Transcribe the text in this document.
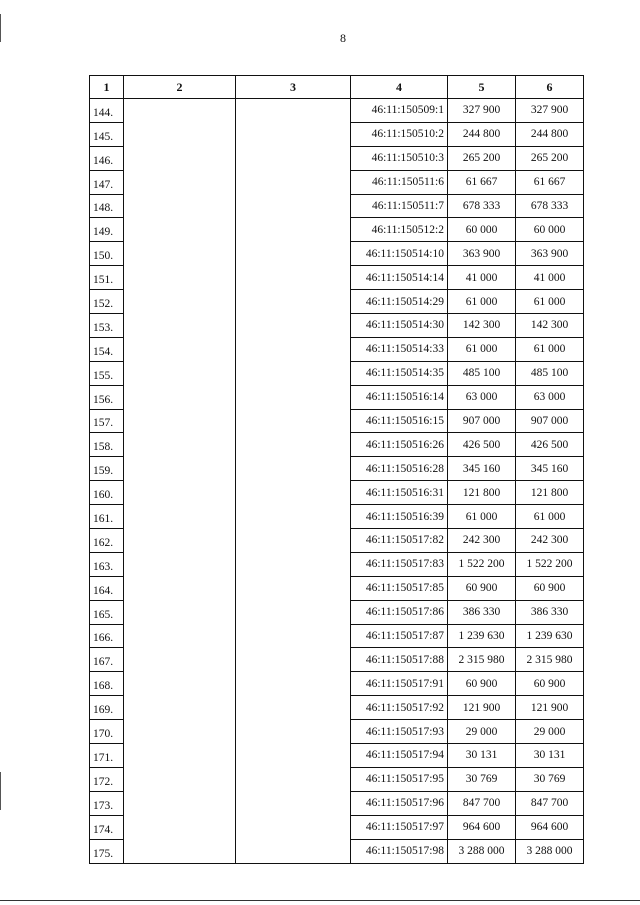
8
1	2	3	4	5	6
144.			46:11:150509:1	327 900	327 900
145.			46:11:150510:2	244 800	244 800
146.			46:11:150510:3	265 200	265 200
147.			46:11:150511:6	61 667	61 667
148.			46:11:150511:7	678 333	678 333
149.			46:11:150512:2	60 000	60 000
150.			46:11:150514:10	363 900	363 900
151.			46:11:150514:14	41 000	41 000
152.			46:11:150514:29	61 000	61 000
153.			46:11:150514:30	142 300	142 300
154.			46:11:150514:33	61 000	61 000
155.			46:11:150514:35	485 100	485 100
156.			46:11:150516:14	63 000	63 000
157.			46:11:150516:15	907 000	907 000
158.			46:11:150516:26	426 500	426 500
159.			46:11:150516:28	345 160	345 160
160.			46:11:150516:31	121 800	121 800
161.			46:11:150516:39	61 000	61 000
162.			46:11:150517:82	242 300	242 300
163.			46:11:150517:83	1 522 200	1 522 200
164.			46:11:150517:85	60 900	60 900
165.			46:11:150517:86	386 330	386 330
166.			46:11:150517:87	1 239 630	1 239 630
167.			46:11:150517:88	2 315 980	2 315 980
168.			46:11:150517:91	60 900	60 900
169.			46:11:150517:92	121 900	121 900
170.			46:11:150517:93	29 000	29 000
171.			46:11:150517:94	30 131	30 131
172.			46:11:150517:95	30 769	30 769
173.			46:11:150517:96	847 700	847 700
174.			46:11:150517:97	964 600	964 600
175.			46:11:150517:98	3 288 000	3 288 000
